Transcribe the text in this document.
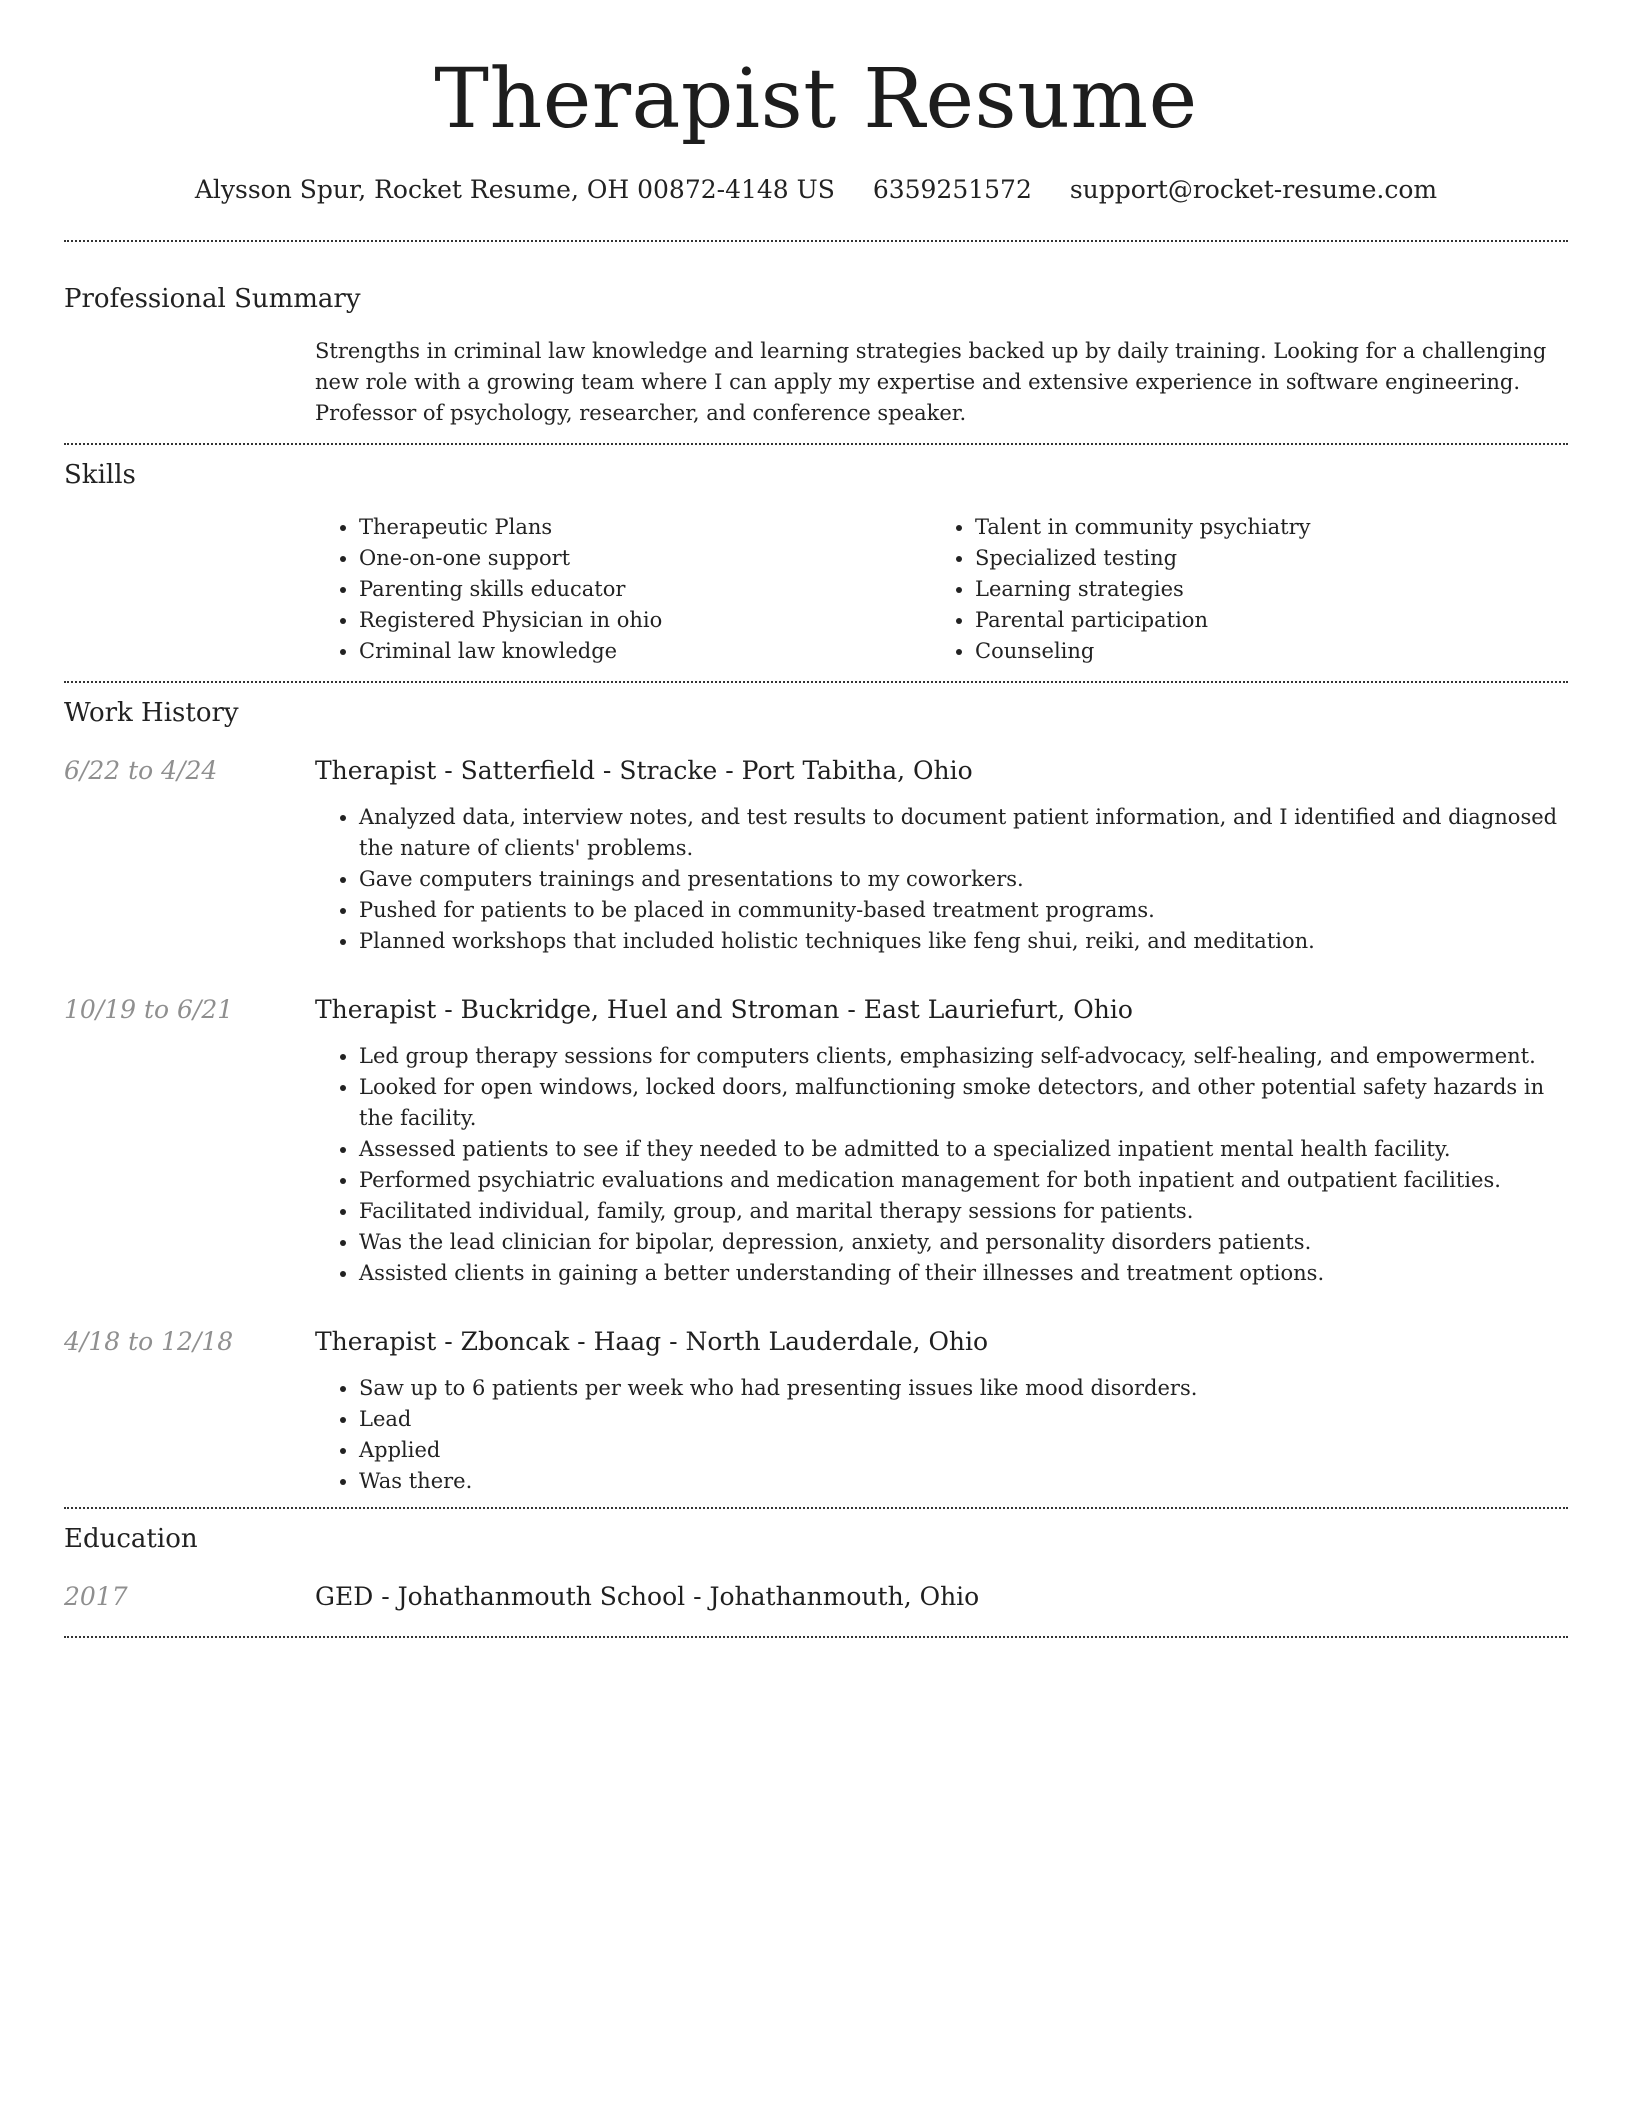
Therapist Resume
Alysson Spur, Rocket Resume, OH 00872-4148 US 6359251572 support@rocket-resume.com
Professional Summary
Strengths in criminal law knowledge and learning strategies backed up by daily training. Looking for a challenging new role with a growing team where I can apply my expertise and extensive experience in software engineering. Professor of psychology, researcher, and conference speaker.
Skills
• Therapeutic Plans
• One-on-one support
• Parenting skills educator
• Registered Physician in ohio
• Criminal law knowledge
• Talent in community psychiatry
• Specialized testing
• Learning strategies
• Parental participation
• Counseling
Work History
6/22 to 4/24	Therapist - Satterfield - Stracke - Port Tabitha, Ohio
• Analyzed data, interview notes, and test results to document patient information, and I identified and diagnosed the nature of clients' problems.
• Gave computers trainings and presentations to my coworkers.
• Pushed for patients to be placed in community-based treatment programs.
• Planned workshops that included holistic techniques like feng shui, reiki, and meditation.
10/19 to 6/21	Therapist - Buckridge, Huel and Stroman - East Lauriefurt, Ohio
• Led group therapy sessions for computers clients, emphasizing self-advocacy, self-healing, and empowerment.
• Looked for open windows, locked doors, malfunctioning smoke detectors, and other potential safety hazards in the facility.
• Assessed patients to see if they needed to be admitted to a specialized inpatient mental health facility.
• Performed psychiatric evaluations and medication management for both inpatient and outpatient facilities.
• Facilitated individual, family, group, and marital therapy sessions for patients.
• Was the lead clinician for bipolar, depression, anxiety, and personality disorders patients.
• Assisted clients in gaining a better understanding of their illnesses and treatment options.
4/18 to 12/18	Therapist - Zboncak - Haag - North Lauderdale, Ohio
• Saw up to 6 patients per week who had presenting issues like mood disorders.
• Lead
• Applied
• Was there.
Education
2017	GED - Johathanmouth School - Johathanmouth, Ohio
